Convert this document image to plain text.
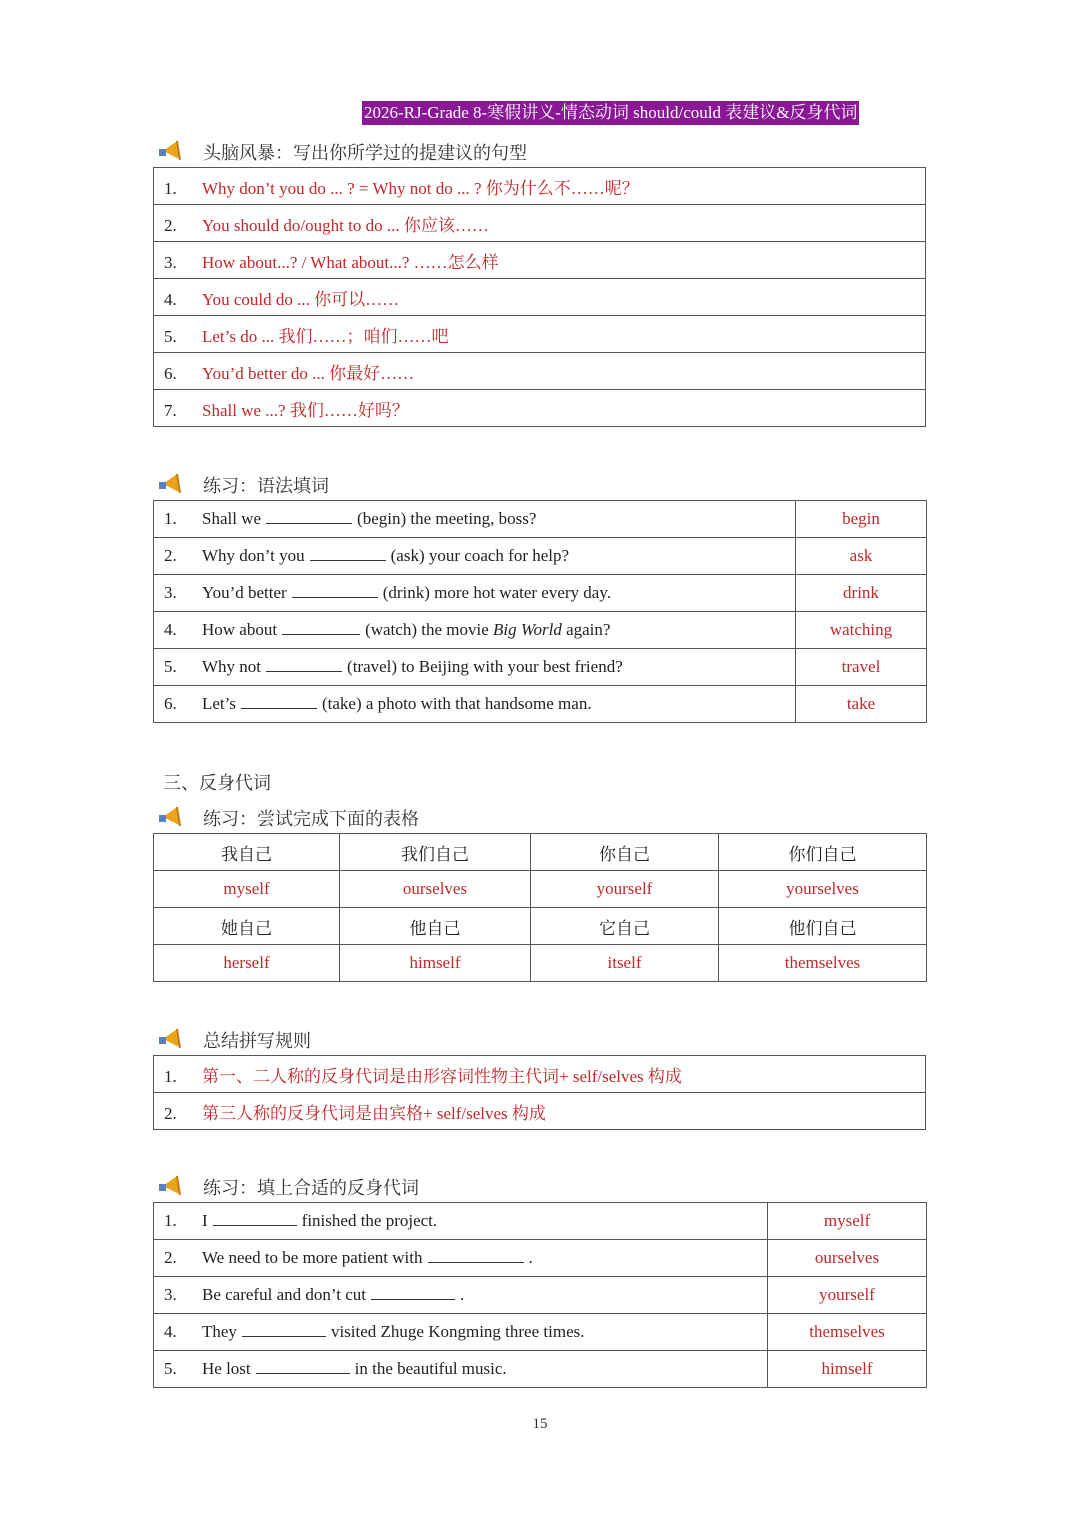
2026-RJ-Grade 8-寒假讲义-情态动词 should/could 表建议&反身代词
头脑风暴：写出你所学过的提建议的句型
1. Why don’t you do ... ? = Why not do ... ? 你为什么不……呢？
2. You should do/ought to do ... 你应该……
3. How about...? / What about...? ……怎么样
4. You could do ... 你可以……
5. Let’s do ... 我们……；咱们……吧
6. You’d better do ... 你最好……
7. Shall we ...? 我们……好吗？
练习：语法填词
1. Shall we (begin) the meeting, boss?	begin
2. Why don’t you (ask) your coach for help?	ask
3. You’d better (drink) more hot water every day.	drink
4. How about (watch) the movie Big World again?	watching
5. Why not (travel) to Beijing with your best friend?	travel
6. Let’s (take) a photo with that handsome man.	take
三、反身代词
练习：尝试完成下面的表格
我自己	我们自己	你自己	你们自己
myself	ourselves	yourself	yourselves
她自己	他自己	它自己	他们自己
herself	himself	itself	themselves
总结拼写规则
1. 第一、二人称的反身代词是由形容词性物主代词+ self/selves 构成
2. 第三人称的反身代词是由宾格+ self/selves 构成
练习：填上合适的反身代词
1. I finished the project.	myself
2. We need to be more patient with .	ourselves
3. Be careful and don’t cut .	yourself
4. They visited Zhuge Kongming three times.	themselves
5. He lost in the beautiful music.	himself
15
